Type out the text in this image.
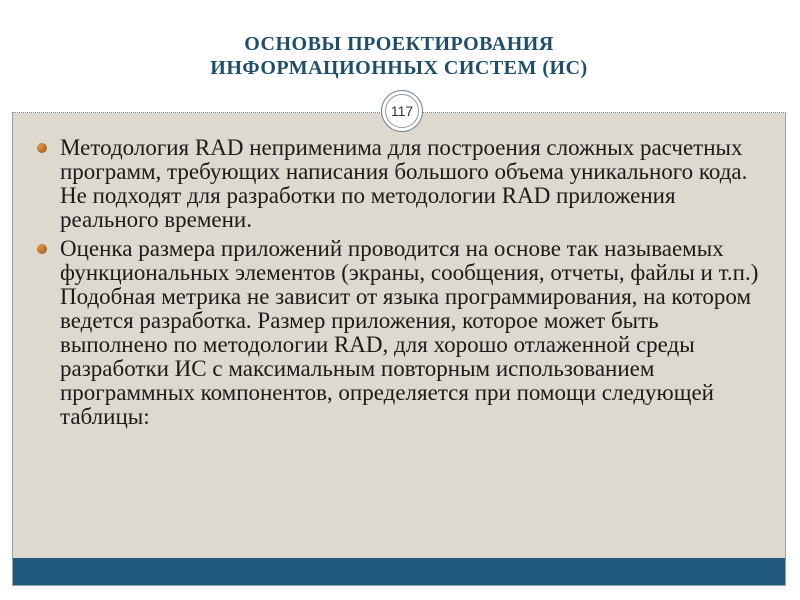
ОСНОВЫ ПРОЕКТИРОВАНИЯ
ИНФОРМАЦИОННЫХ СИСТЕМ (ИС)
117
Методология RAD неприменима для построения сложных расчетных программ, требующих написания большого объема уникального кода. Не подходят для разработки по методологии RAD приложения реального времени.
Оценка размера приложений проводится на основе так называемых функциональных элементов (экраны, сообщения, отчеты, файлы и т.п.) Подобная метрика не зависит от языка программирования, на котором ведется разработка. Размер приложения, которое может быть выполнено по методологии RAD, для хорошо отлаженной среды разработки ИС с максимальным повторным использованием программных компонентов, определяется при помощи следующей таблицы:
